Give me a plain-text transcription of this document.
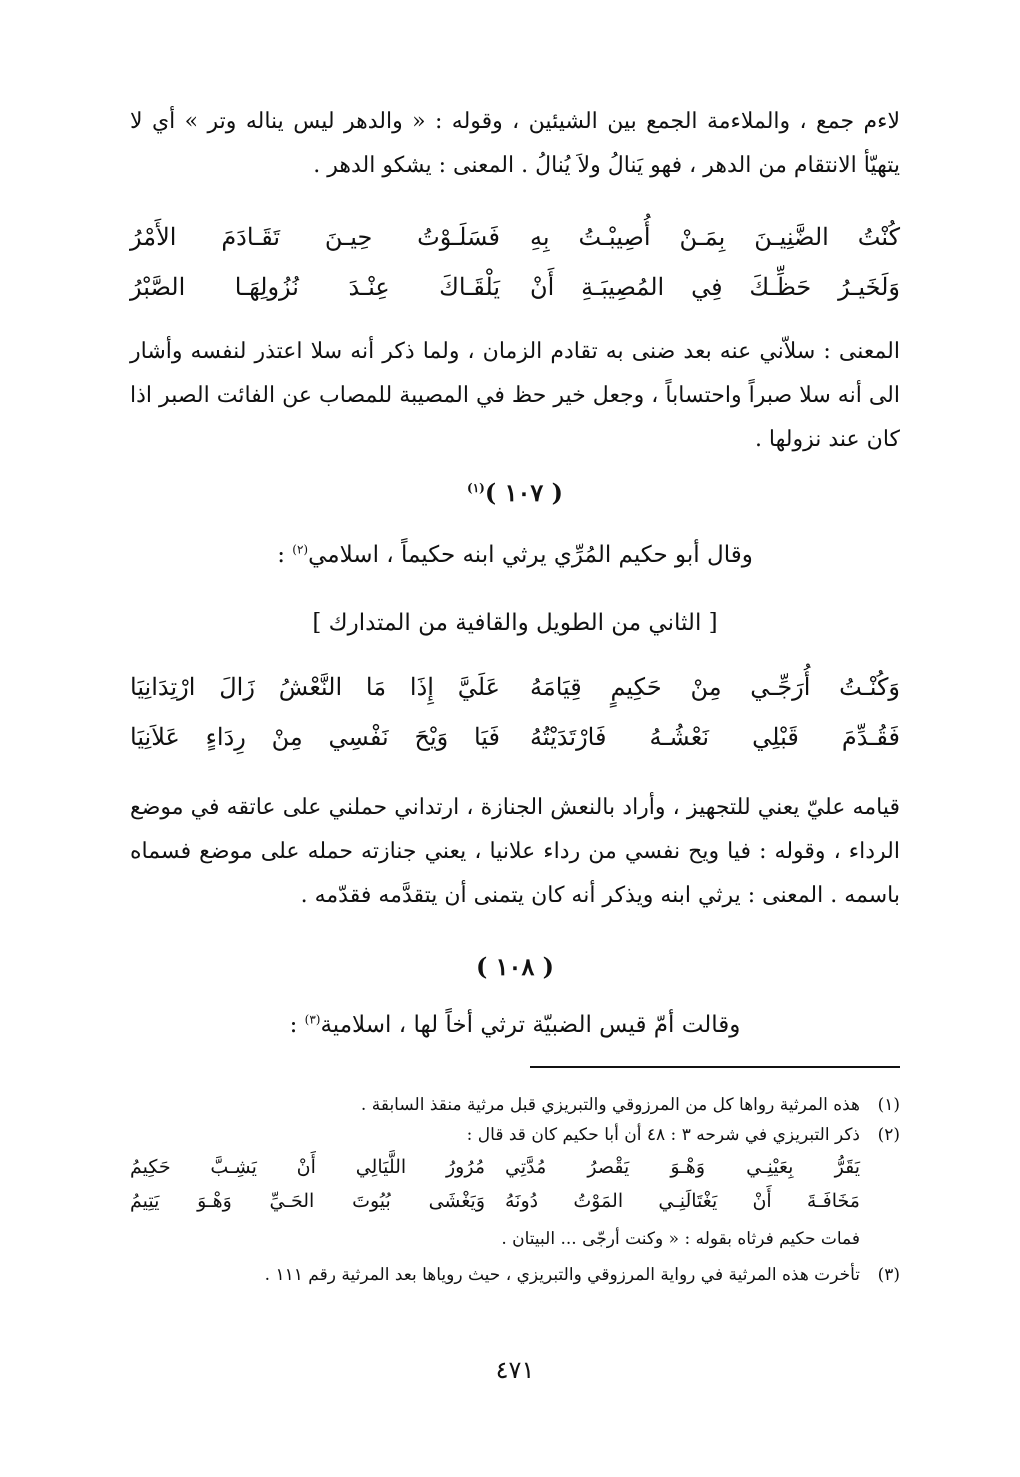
لاءم جمع ، والملاءمة الجمع بين الشيئين ، وقوله : « والدهر ليس يناله وتر » أي لا يتهيّأ الانتقام من الدهر ، فهو يَنالُ ولاَ يُنالُ . المعنى : يشكو الدهر .

كُنْتُ الضَّنِيـنَ بِمَـنْ أُصِيبْـتُ بِهِ
فَسَلَـوْتُ حِيـنَ تَقَـادَمَ الأَمْرُ
وَلَخَيـرُ حَظِّـكَ فِي المُصِيبَـةِ أَنْ
يَلْقَـاكَ عِنْـدَ نُزُولِهَـا الصَّبْرُ

المعنى : سلاّني عنه بعد ضنى به تقادم الزمان ، ولما ذكر أنه سلا اعتذر لنفسه وأشار الى أنه سلا صبراً واحتساباً ، وجعل خير حظ في المصيبة للمصاب عن الفائت الصبر اذا كان عند نزولها .

( ١٠٧ )$^{(١)}$
وقال أبو حكيم المُرِّي يرثي ابنه حكيماً ، اسلامي$^{(٢)}$ :
[ الثاني من الطويل والقافية من المتدارك ]
وَكُنْـتُ أُرَجِّـي مِنْ حَكِيمٍ قِيَامَهُ
عَلَيَّ إِذَا مَا النَّعْشُ زَالَ ارْتِدَانِيَا
فَقُـدِّمَ قَبْلِي نَعْشُـهُ فَارْتَدَيْتُهُ
فَيَا وَيْحَ نَفْسِي مِنْ رِدَاءٍ عَلاَنِيَا

قيامه عليّ يعني للتجهيز ، وأراد بالنعش الجنازة ، ارتداني حملني على عاتقه في موضع الرداء ، وقوله : فيا ويح نفسي من رداء علانيا ، يعني جنازته حمله على موضع فسماه باسمه . المعنى : يرثي ابنه ويذكر أنه كان يتمنى أن يتقدَّمه فقدّمه .

( ١٠٨ )
وقالت أمّ قيس الضبيّة ترثي أخاً لها ، اسلامية$^{(٣)}$ :
(١)
هذه المرثية رواها كل من المرزوقي والتبريزي قبل مرثية منقذ السابقة .
(٢)
ذكر التبريزي في شرحه ٣ : ٤٨ أن أبا حكيم كان قد قال :
يَقَرُّ بِعَيْنِـي وَهْـوَ يَقْصرُ مُدَّتِي
مُرُورُ اللَّيَالِي أَنْ يَشِـبَّ حَكِيمُ
مَخَافَـةَ أَنْ يَغْتَالَنِـي المَوْتُ دُونَهُ
وَيَغْشَى بُيُوتَ الحَـيِّ وَهْـوَ يَتِيمُ
فمات حكيم فرثاه بقوله : « وكنت أرجّى ... البيتان .
(٣)
تأخرت هذه المرثية في رواية المرزوقي والتبريزي ، حيث روياها بعد المرثية رقم ١١١ .
٤٧١
